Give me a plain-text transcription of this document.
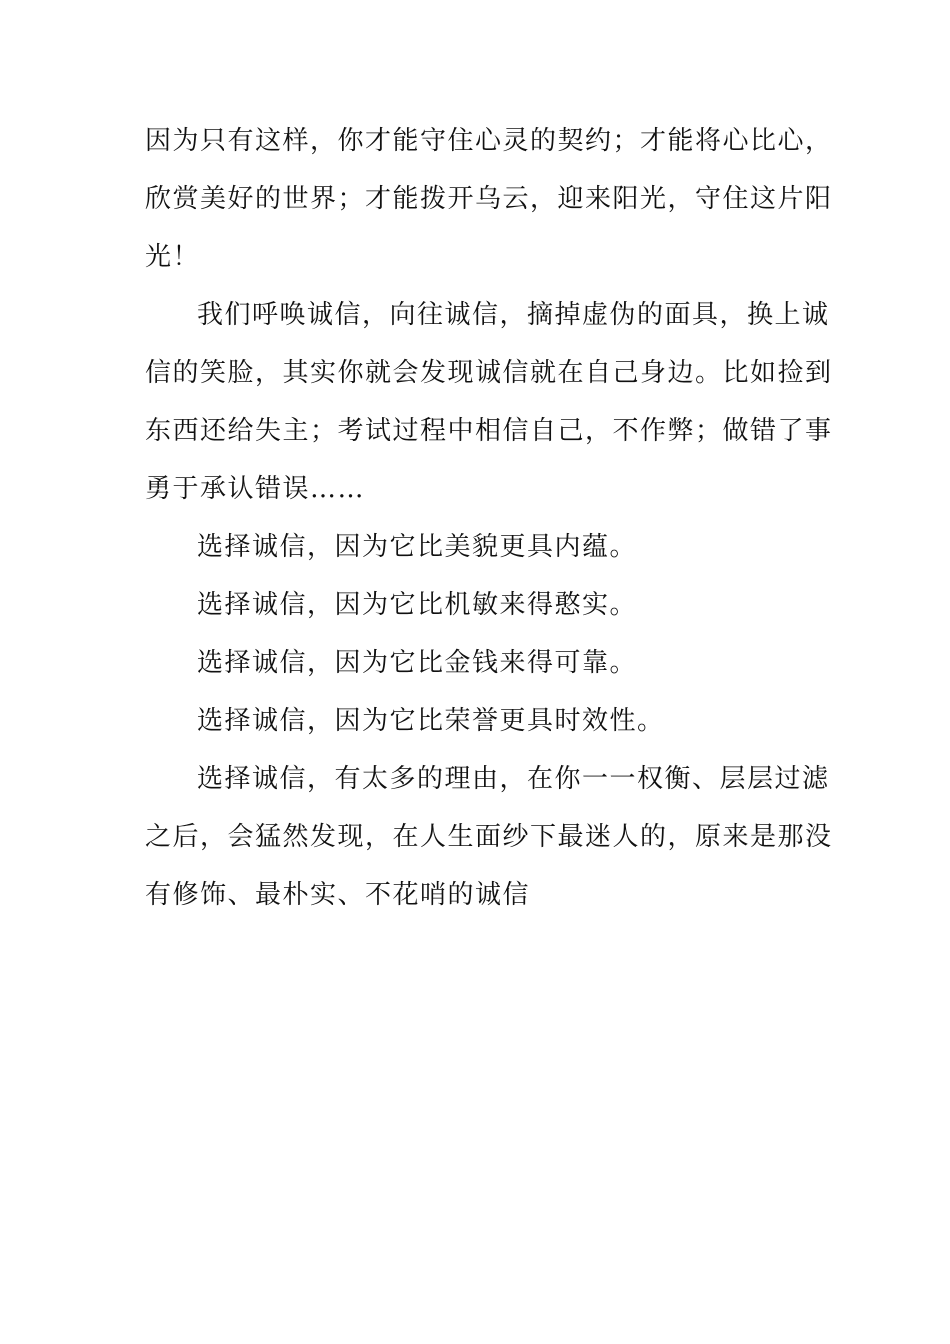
因为只有这样，你才能守住心灵的契约；才能将心比心，
欣赏美好的世界；才能拨开乌云，迎来阳光，守住这片阳
光！

我们呼唤诚信，向往诚信，摘掉虚伪的面具，换上诚
信的笑脸，其实你就会发现诚信就在自己身边。比如捡到
东西还给失主；考试过程中相信自己，不作弊；做错了事
勇于承认错误……

选择诚信，因为它比美貌更具内蕴。

选择诚信，因为它比机敏来得憨实。

选择诚信，因为它比金钱来得可靠。

选择诚信，因为它比荣誉更具时效性。

选择诚信，有太多的理由，在你一一权衡、层层过滤
之后，会猛然发现，在人生面纱下最迷人的，原来是那没
有修饰、最朴实、不花哨的诚信
